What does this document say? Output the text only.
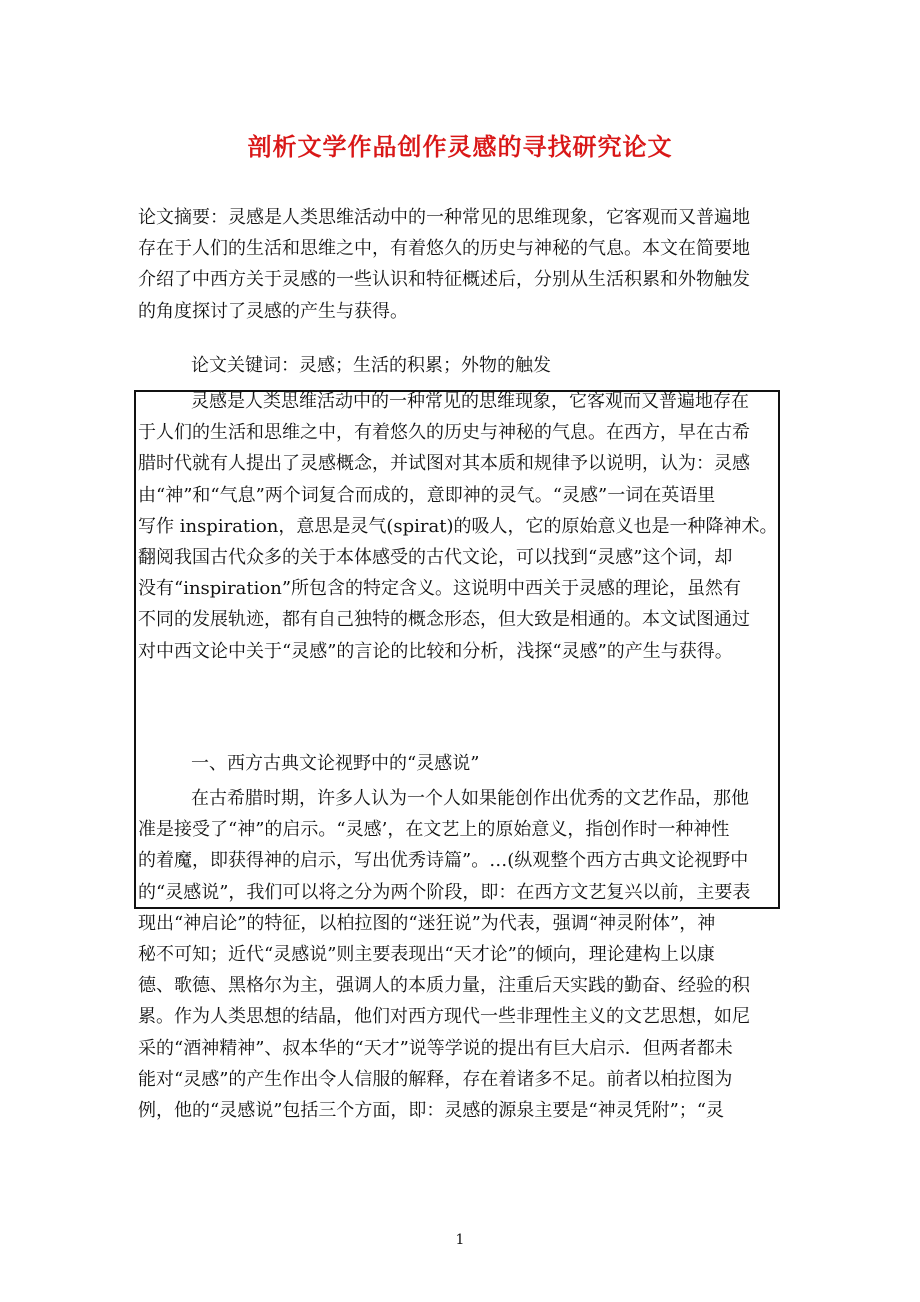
剖析文学作品创作灵感的寻找研究论文
论文摘要：灵感是人类思维活动中的一种常见的思维现象，它客观而又普遍地
存在于人们的生活和思维之中，有着悠久的历史与神秘的气息。本文在简要地
介绍了中西方关于灵感的一些认识和特征概述后，分别从生活积累和外物触发
的角度探讨了灵感的产生与获得。
论文关键词：灵感；生活的积累；外物的触发
灵感是人类思维活动中的一种常见的思维现象，它客观而又普遍地存在
于人们的生活和思维之中，有着悠久的历史与神秘的气息。在西方，早在古希
腊时代就有人提出了灵感概念，并试图对其本质和规律予以说明，认为：灵感
由“神”和“气息”两个词复合而成的，意即神的灵气。“灵感”一词在英语里
写作 inspiration，意思是灵气(spirat)的吸人，它的原始意义也是一种降神术。
翻阅我国古代众多的关于本体感受的古代文论，可以找到“灵感”这个词，却
没有“inspiration”所包含的特定含义。这说明中西关于灵感的理论，虽然有
不同的发展轨迹，都有自己独特的概念形态，但大致是相通的。本文试图通过
对中西文论中关于“灵感”的言论的比较和分析，浅探“灵感”的产生与获得。
一、西方古典文论视野中的“灵感说”
在古希腊时期，许多人认为一个人如果能创作出优秀的文艺作品，那他
准是接受了“神”的启示。“灵感’，在文艺上的原始意义，指创作时一种神性
的着魔，即获得神的启示，写出优秀诗篇”。…(纵观整个西方古典文论视野中
的“灵感说”，我们可以将之分为两个阶段，即：在西方文艺复兴以前，主要表
现出“神启论”的特征，以柏拉图的“迷狂说”为代表，强调“神灵附体”，神
秘不可知；近代“灵感说”则主要表现出“天才论”的倾向，理论建构上以康
德、歌德、黑格尔为主，强调人的本质力量，注重后天实践的勤奋、经验的积
累。作为人类思想的结晶，他们对西方现代一些非理性主义的文艺思想，如尼
采的“酒神精神”、叔本华的“天才”说等学说的提出有巨大启示．但两者都未
能对“灵感”的产生作出令人信服的解释，存在着诸多不足。前者以柏拉图为
例，他的“灵感说”包括三个方面，即：灵感的源泉主要是“神灵凭附”；“灵

1
